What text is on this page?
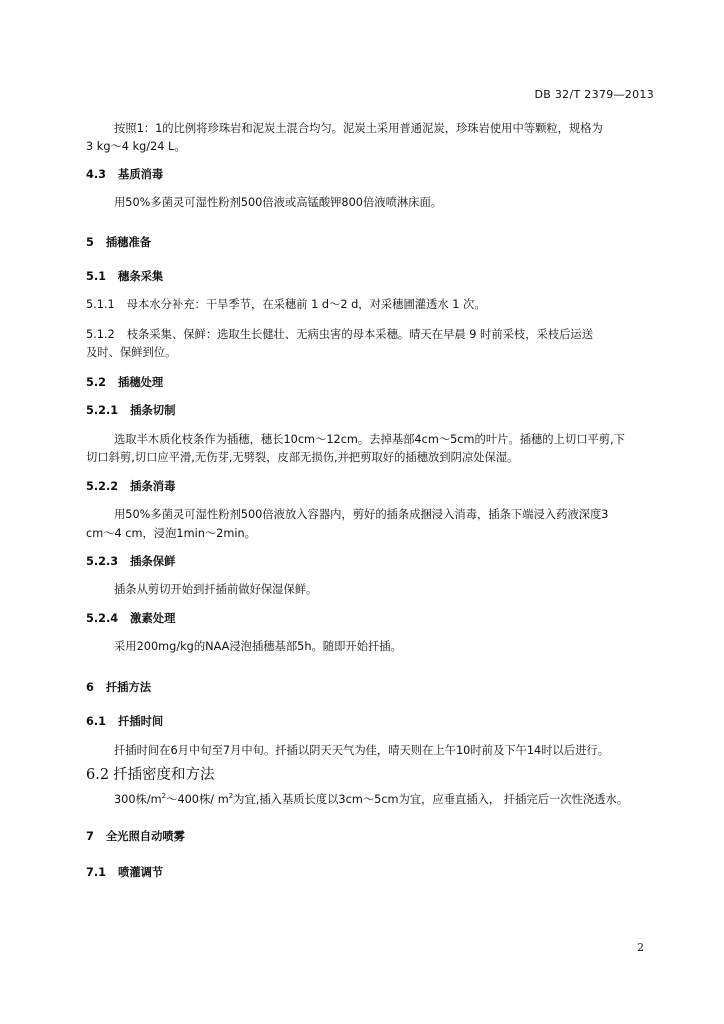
DB 32/T 2379—2013
按照1：1的比例将珍珠岩和泥炭土混合均匀。泥炭土采用普通泥炭，珍珠岩使用中等颗粒，规格为
3 kg～4 kg/24 L。
4.3 基质消毒
用50%多菌灵可湿性粉剂500倍液或高锰酸钾800倍液喷淋床面。
5 插穗准备
5.1 穗条采集
5.1.1 母本水分补充：干旱季节，在采穗前 1 d～2 d，对采穗圃灌透水 1 次。
5.1.2 枝条采集、保鲜：选取生长健壮、无病虫害的母本采穗。晴天在早晨 9 时前采枝，采枝后运送
及时、保鲜到位。
5.2 插穗处理
5.2.1 插条切制
选取半木质化枝条作为插穗，穗长10cm～12cm。去掉基部4cm～5cm的叶片。插穗的上切口平剪,下
切口斜剪,切口应平滑,无伤芽,无劈裂，皮部无损伤,并把剪取好的插穗放到阴凉处保湿。
5.2.2 插条消毒
用50%多菌灵可湿性粉剂500倍液放入容器内，剪好的插条成捆浸入消毒，插条下端浸入药液深度3
cm～4 cm，浸泡1min～2min。
5.2.3 插条保鲜
插条从剪切开始到扦插前做好保湿保鲜。
5.2.4 激素处理
采用200mg/kg的NAA浸泡插穗基部5h。随即开始扦插。
6 扦插方法
6.1 扦插时间
扦插时间在6月中旬至7月中旬。扦插以阴天天气为佳，晴天则在上午10时前及下午14时以后进行。
6.2 扦插密度和方法
300株$/m^2\sim 400$株/ $m^2$为宜,插入基质长度以3cm～5cm为宜，应垂直插入， 扦插完后一次性浇透水。
7 全光照自动喷雾
7.1 喷灌调节
2
